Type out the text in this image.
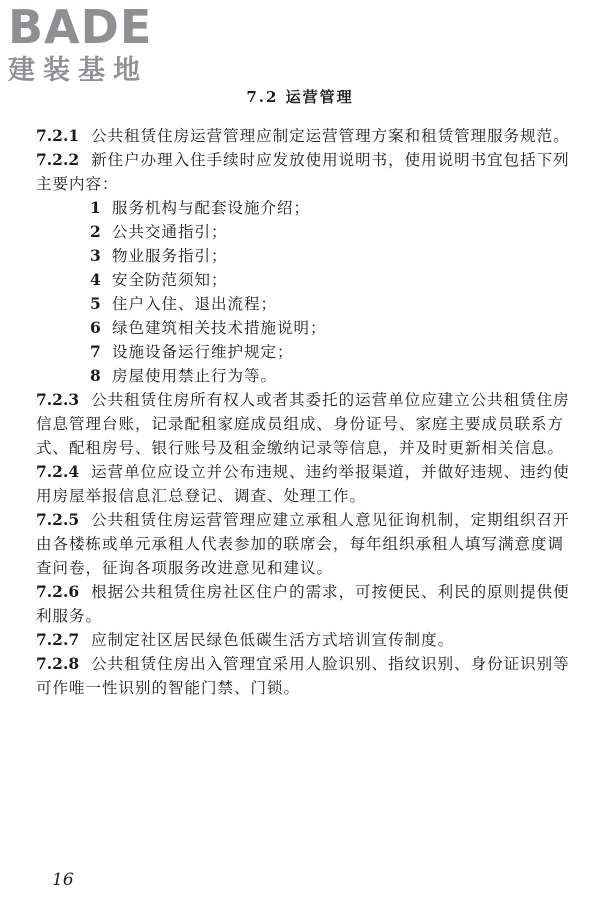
BADE
建装基地
7.2 运营管理

7.2.1 公共租赁住房运营管理应制定运营管理方案和租赁管理服务规范。

7.2.2 新住户办理入住手续时应发放使用说明书，使用说明书宜包括下列主要内容：

1 服务机构与配套设施介绍；

2 公共交通指引；

3 物业服务指引；

4 安全防范须知；

5 住户入住、退出流程；

6 绿色建筑相关技术措施说明；

7 设施设备运行维护规定；

8 房屋使用禁止行为等。

7.2.3 公共租赁住房所有权人或者其委托的运营单位应建立公共租赁住房信息管理台账，记录配租家庭成员组成、身份证号、家庭主要成员联系方式、配租房号、银行账号及租金缴纳记录等信息，并及时更新相关信息。

7.2.4 运营单位应设立并公布违规、违约举报渠道，并做好违规、违约使用房屋举报信息汇总登记、调查、处理工作。

7.2.5 公共租赁住房运营管理应建立承租人意见征询机制，定期组织召开由各楼栋或单元承租人代表参加的联席会，每年组织承租人填写满意度调查问卷，征询各项服务改进意见和建议。

7.2.6 根据公共租赁住房社区住户的需求，可按便民、利民的原则提供便利服务。

7.2.7 应制定社区居民绿色低碳生活方式培训宣传制度。

7.2.8 公共租赁住房出入管理宜采用人脸识别、指纹识别、身份证识别等可作唯一性识别的智能门禁、门锁。

16
